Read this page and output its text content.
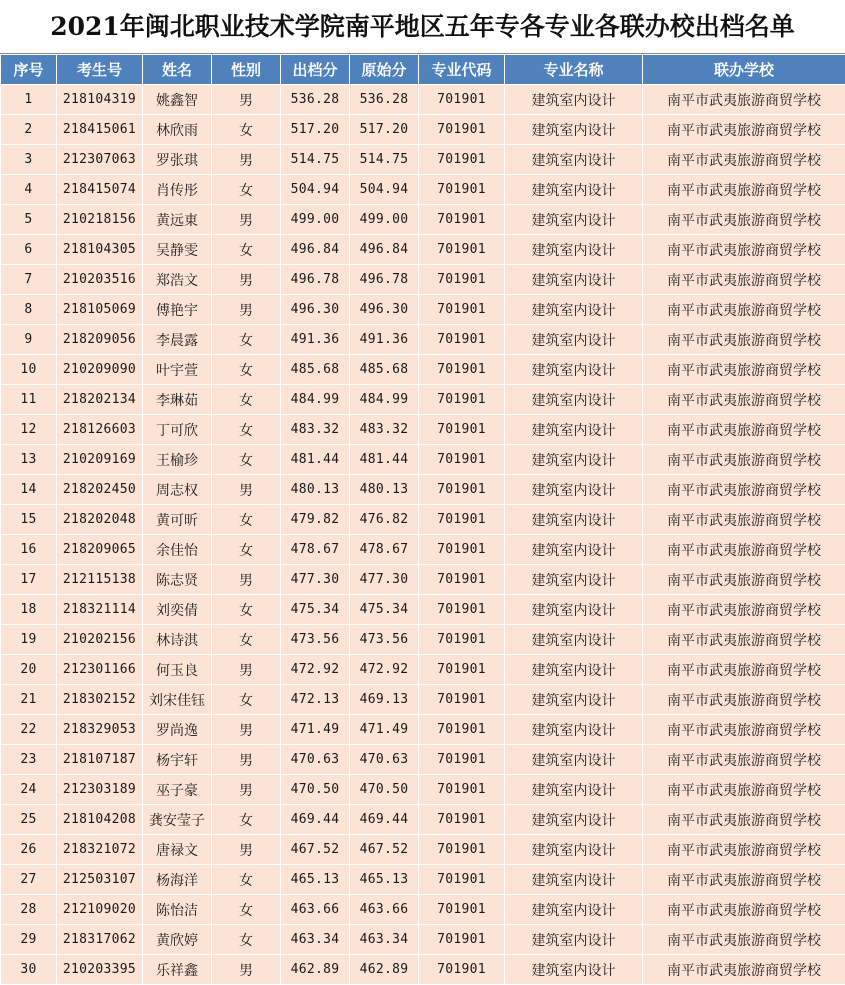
2021年闽北职业技术学院南平地区五年专各专业各联办校出档名单
序号	考生号	姓名	性别	出档分	原始分	专业代码	专业名称	联办学校
1	218104319	姚鑫智	男	536.28	536.28	701901	建筑室内设计	南平市武夷旅游商贸学校
2	218415061	林欣雨	女	517.20	517.20	701901	建筑室内设计	南平市武夷旅游商贸学校
3	212307063	罗张琪	男	514.75	514.75	701901	建筑室内设计	南平市武夷旅游商贸学校
4	218415074	肖传彤	女	504.94	504.94	701901	建筑室内设计	南平市武夷旅游商贸学校
5	210218156	黄远東	男	499.00	499.00	701901	建筑室内设计	南平市武夷旅游商贸学校
6	218104305	吴静雯	女	496.84	496.84	701901	建筑室内设计	南平市武夷旅游商贸学校
7	210203516	郑浩文	男	496.78	496.78	701901	建筑室内设计	南平市武夷旅游商贸学校
8	218105069	傅艳宇	男	496.30	496.30	701901	建筑室内设计	南平市武夷旅游商贸学校
9	218209056	李晨露	女	491.36	491.36	701901	建筑室内设计	南平市武夷旅游商贸学校
10	210209090	叶宇萱	女	485.68	485.68	701901	建筑室内设计	南平市武夷旅游商贸学校
11	218202134	李琳茹	女	484.99	484.99	701901	建筑室内设计	南平市武夷旅游商贸学校
12	218126603	丁可欣	女	483.32	483.32	701901	建筑室内设计	南平市武夷旅游商贸学校
13	210209169	王榆珍	女	481.44	481.44	701901	建筑室内设计	南平市武夷旅游商贸学校
14	218202450	周志权	男	480.13	480.13	701901	建筑室内设计	南平市武夷旅游商贸学校
15	218202048	黄可昕	女	479.82	476.82	701901	建筑室内设计	南平市武夷旅游商贸学校
16	218209065	余佳怡	女	478.67	478.67	701901	建筑室内设计	南平市武夷旅游商贸学校
17	212115138	陈志贤	男	477.30	477.30	701901	建筑室内设计	南平市武夷旅游商贸学校
18	218321114	刘奕倩	女	475.34	475.34	701901	建筑室内设计	南平市武夷旅游商贸学校
19	210202156	林诗淇	女	473.56	473.56	701901	建筑室内设计	南平市武夷旅游商贸学校
20	212301166	何玉良	男	472.92	472.92	701901	建筑室内设计	南平市武夷旅游商贸学校
21	218302152	刘宋佳钰	女	472.13	469.13	701901	建筑室内设计	南平市武夷旅游商贸学校
22	218329053	罗尚逸	男	471.49	471.49	701901	建筑室内设计	南平市武夷旅游商贸学校
23	218107187	杨宇轩	男	470.63	470.63	701901	建筑室内设计	南平市武夷旅游商贸学校
24	212303189	巫子豪	男	470.50	470.50	701901	建筑室内设计	南平市武夷旅游商贸学校
25	218104208	龚安莹子	女	469.44	469.44	701901	建筑室内设计	南平市武夷旅游商贸学校
26	218321072	唐禄文	男	467.52	467.52	701901	建筑室内设计	南平市武夷旅游商贸学校
27	212503107	杨海洋	女	465.13	465.13	701901	建筑室内设计	南平市武夷旅游商贸学校
28	212109020	陈怡洁	女	463.66	463.66	701901	建筑室内设计	南平市武夷旅游商贸学校
29	218317062	黄欣婷	女	463.34	463.34	701901	建筑室内设计	南平市武夷旅游商贸学校
30	210203395	乐祥鑫	男	462.89	462.89	701901	建筑室内设计	南平市武夷旅游商贸学校
